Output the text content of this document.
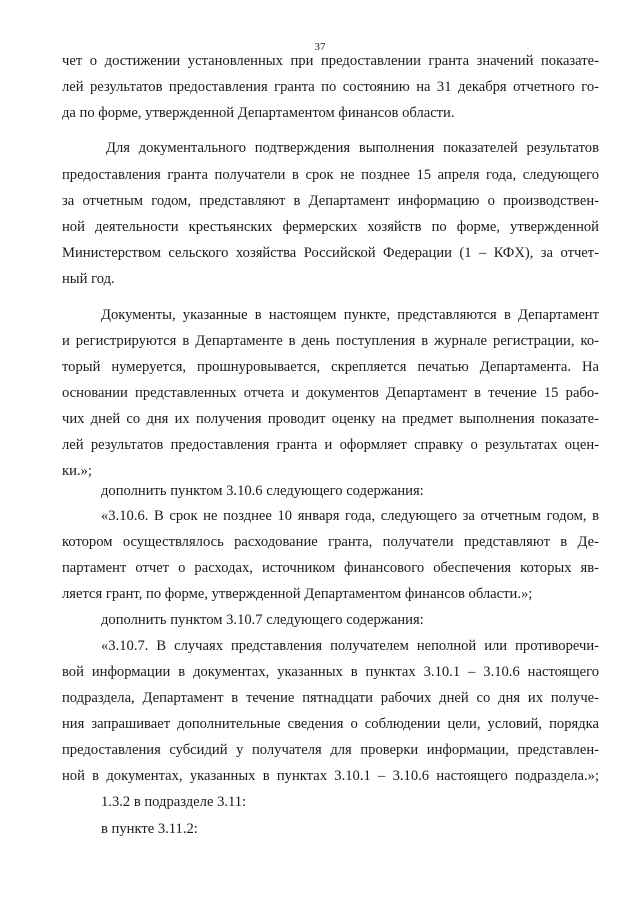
37
чет о достижении установленных при предоставлении гранта значений показате-
лей результатов предоставления гранта по состоянию на 31 декабря отчетного го-
да по форме, утвержденной Департаментом финансов области.
Для документального подтверждения выполнения показателей результатов
предоставления гранта получатели в срок не позднее 15 апреля года, следующего
за отчетным годом, представляют в Департамент информацию о производствен-
ной деятельности крестьянских фермерских хозяйств по форме, утвержденной
Министерством сельского хозяйства Российской Федерации (1 – КФХ), за отчет-
ный год.
Документы, указанные в настоящем пункте, представляются в Департамент
и регистрируются в Департаменте в день поступления в журнале регистрации, ко-
торый нумеруется, прошнуровывается, скрепляется печатью Департамента. На
основании представленных отчета и документов Департамент в течение 15 рабо-
чих дней со дня их получения проводит оценку на предмет выполнения показате-
лей результатов предоставления гранта и оформляет справку о результатах оцен-
ки.»;
дополнить пунктом 3.10.6 следующего содержания:
«3.10.6. В срок не позднее 10 января года, следующего за отчетным годом, в
котором осуществлялось расходование гранта, получатели представляют в Де-
партамент отчет о расходах, источником финансового обеспечения которых яв-
ляется грант, по форме, утвержденной Департаментом финансов области.»;
дополнить пунктом 3.10.7 следующего содержания:
«3.10.7. В случаях представления получателем неполной или противоречи-
вой информации в документах, указанных в пунктах 3.10.1 – 3.10.6 настоящего
подраздела, Департамент в течение пятнадцати рабочих дней со дня их получе-
ния запрашивает дополнительные сведения о соблюдении цели, условий, порядка
предоставления субсидий у получателя для проверки информации, представлен-
ной в документах, указанных в пунктах 3.10.1 – 3.10.6 настоящего подраздела.»;
1.3.2 в подразделе 3.11:
в пункте 3.11.2:
